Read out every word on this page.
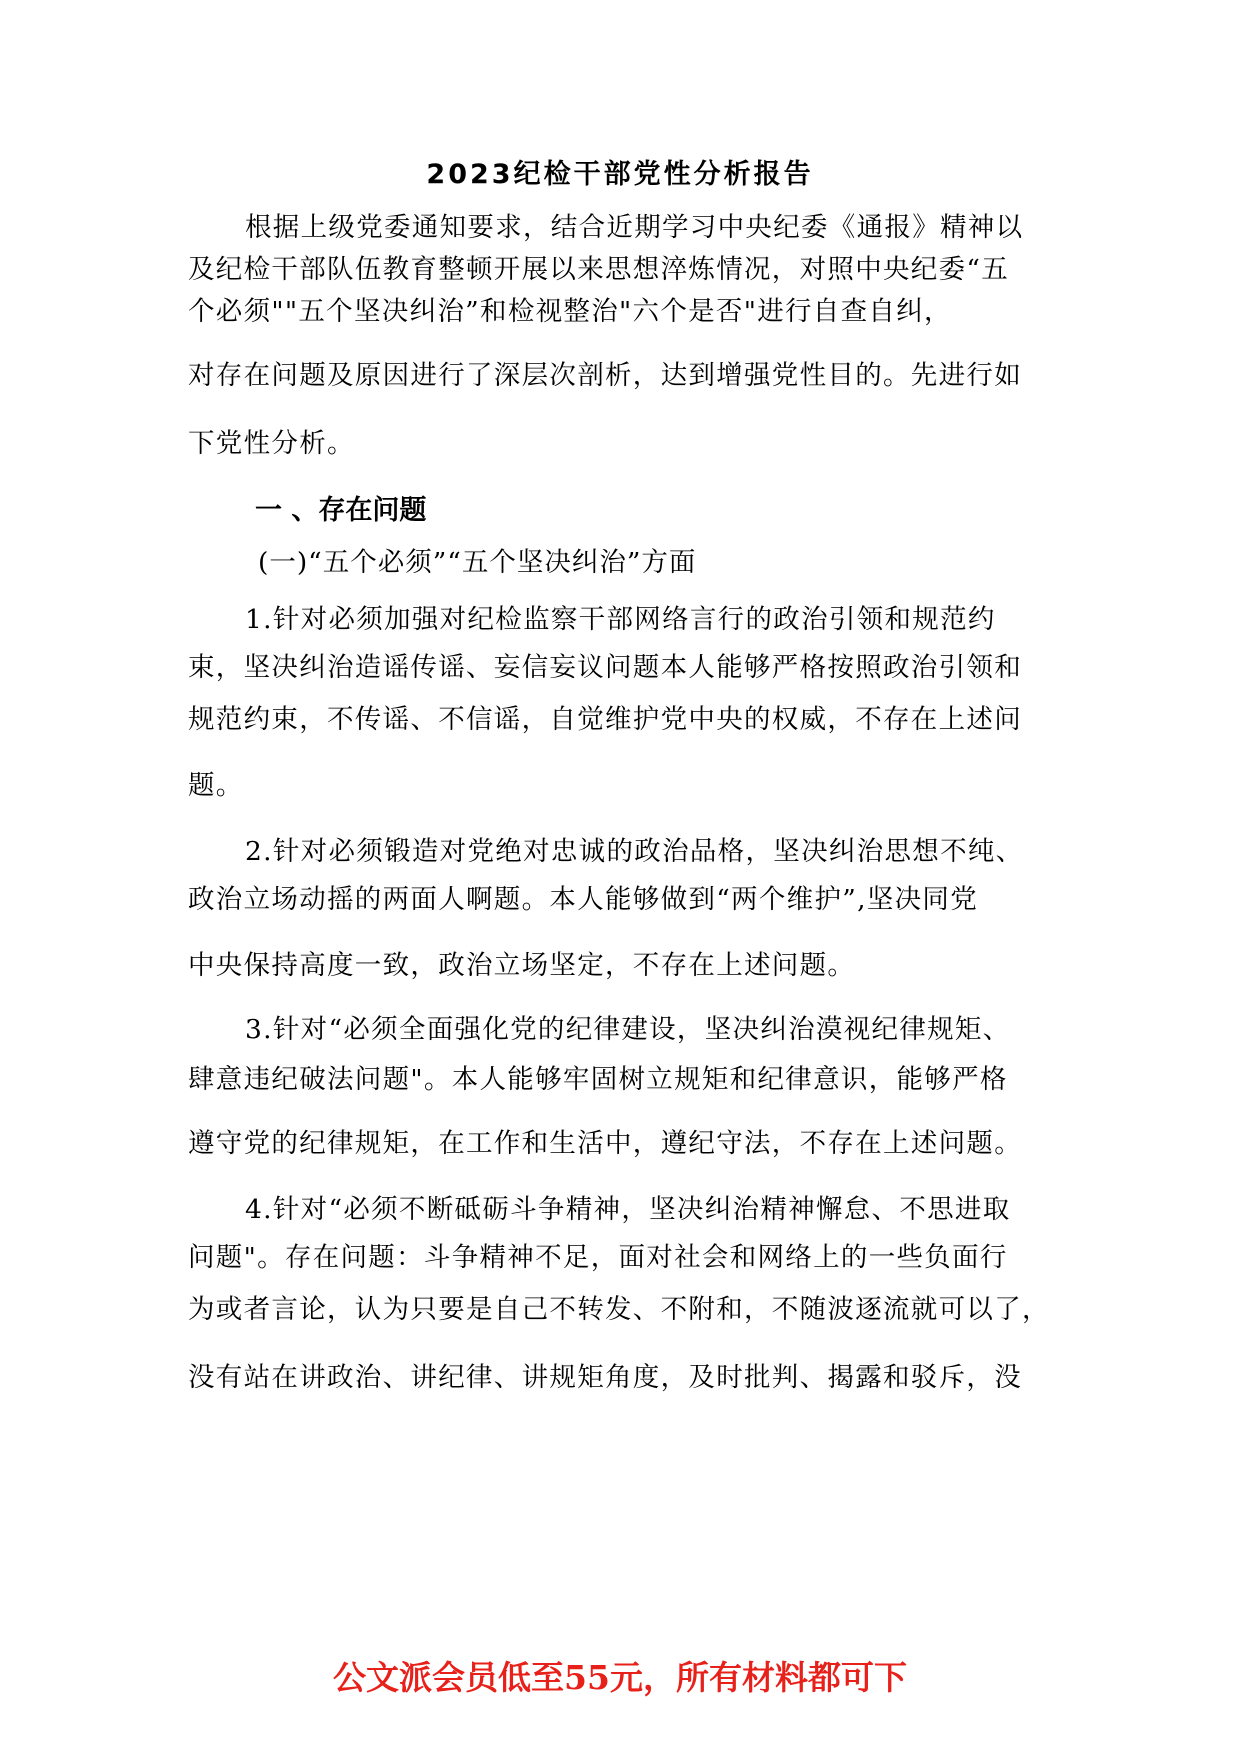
2023纪检干部党性分析报告
根据上级党委通知要求，结合近期学习中央纪委《通报》精神以
及纪检干部队伍教育整顿开展以来思想淬炼情况，对照中央纪委“五
个必须""五个坚决纠治”和检视整治"六个是否"进行自查自纠，
对存在问题及原因进行了深层次剖析，达到增强党性目的。先进行如
下党性分析。
一 、存在问题
(一)“五个必须”“五个坚决纠治”方面
1.针对必须加强对纪检监察干部网络言行的政治引领和规范约
束，坚决纠治造谣传谣、妄信妄议问题本人能够严格按照政治引领和
规范约束，不传谣、不信谣，自觉维护党中央的权威，不存在上述问
题。
2.针对必须锻造对党绝对忠诚的政治品格，坚决纠治思想不纯、
政治立场动摇的两面人啊题。本人能够做到“两个维护”,坚决同党
中央保持高度一致，政治立场坚定，不存在上述问题。
3.针对“必须全面强化党的纪律建设，坚决纠治漠视纪律规矩、
肆意违纪破法问题"。本人能够牢固树立规矩和纪律意识，能够严格
遵守党的纪律规矩，在工作和生活中，遵纪守法，不存在上述问题。
4.针对“必须不断砥砺斗争精神，坚决纠治精神懈怠、不思进取
问题"。存在问题：斗争精神不足，面对社会和网络上的一些负面行
为或者言论，认为只要是自己不转发、不附和，不随波逐流就可以了，
没有站在讲政治、讲纪律、讲规矩角度，及时批判、揭露和驳斥，没
公文派会员低至55元，所有材料都可下
